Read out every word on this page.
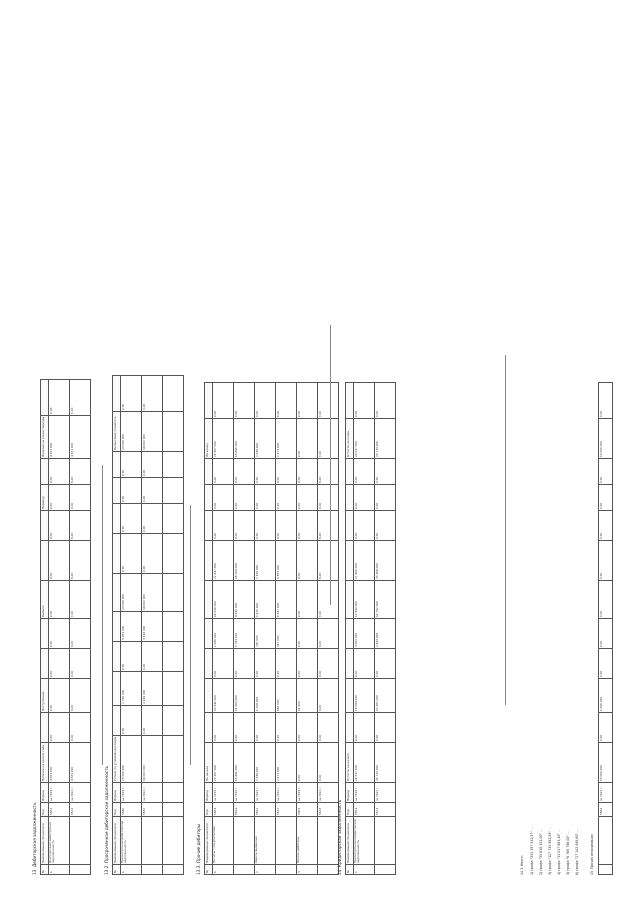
13. Дебиторская задолженность №	Наименование показателя	Код	Период	Наличие на начало года		Поступление			Выбыло			Перевод		Наличие на конец периода	
1	Долгосрочная дебиторская задолженность	5501	за 2023 г.	4 561 000	0,00	0,00	0,00	0,00	0,00	0,00	0,00	0,00	0,00	4 561 000	0,00
		5521	за 2022 г.	4 561 000	0,00	0,00	0,00	0,00	0,00	0,00	0,00	0,00	0,00	4 561 000	0,00
13.2. Просроченная дебиторская задолженность №	Наименование показателя	Код	Период	Учтено по условиям договора										Балансовая стоимость	
1	Краткосрочная дебиторская задолженность	5540	за 2023 г.	23 006 000	0,00	2 760 000	0,00	5 061 000	23 006 000	0,00	0,00	0,00	0,00	23 006 000	0,00
		5560	за 2022 г.	19 062 000	0,00	2 019 000	0,00	3 128 000	19 062 000	0,00	0,00	0,00	0,00	19 062 000	0,00

13.3. Прочие дебиторы №	Наименование показателя	Код	Период	На начало										На конец	
1	Расчеты с покупателями	5601	за 2023 г.	20 367 000	0,00	13 541 000	0,00	2 060 000	11 030 000	22 847 000	0,00	0,00	0,00	20 367 000	0,00
		5621	за 2022 г.	16 891 000	0,00	11 063 000	0,00	1 781 000	9 415 000	18 209 000	0,00	0,00	0,00	16 891 000	0,00
2	Авансы выданные	5602	за 2023 г.	2 639 000	0,00	1 208 000	0,00	700 000	1 976 000	2 159 000	0,00	0,00	0,00	2 639 000	0,00
		5622	за 2022 г.	2 171 000	0,00	956 000	0,00	347 000	1 647 000	1 853 000	0,00	0,00	0,00	2 171 000	0,00
3	Прочие дебиторы	5603	за 2023 г.	0,00	0,00	11 000	0,00	0,00	0,00	0,00	0,00	0,00	0,00	0,00	0,00
		5623	за 2022 г.	0,00	0,00	0,00	0,00	0,00	0,00	0,00	0,00	0,00	0,00	0,00	0,00
14. Кредиторская задолженность №	Наименование показателя	Код	Период	Остаток на начало										Остаток на конец	
1	Краткосрочная кредиторская задолженность	5551	за 2023 г.	24 617 000	0,00	16 094 000	0,00	3 002 000	12 810 000	27 901 000	0,00	0,00	0,00	24 617 000	0,00
		5571	за 2022 г.	20 713 000	0,00	13 187 000	0,00	2 443 000	10 792 000	23 108 000	0,00	0,00	0,00	20 713 000	0,00
14.1. Итого: 1) графа "333 197 542,97" ... 2) графа "35 618 152,00" ... 3) графа "127 734 982,49" ... 4) графа "11 017 883,40" ... 5) графа "6 768 786,00" ... 6) графа "27 142 498,60" ...	15. Прочая информация
		5581	за 2023 г.	13 000 000	0,00	1 000 000	0,00	0,00	0,00	0,00	0,00	0,00	0,00	13 000 000	0,00
